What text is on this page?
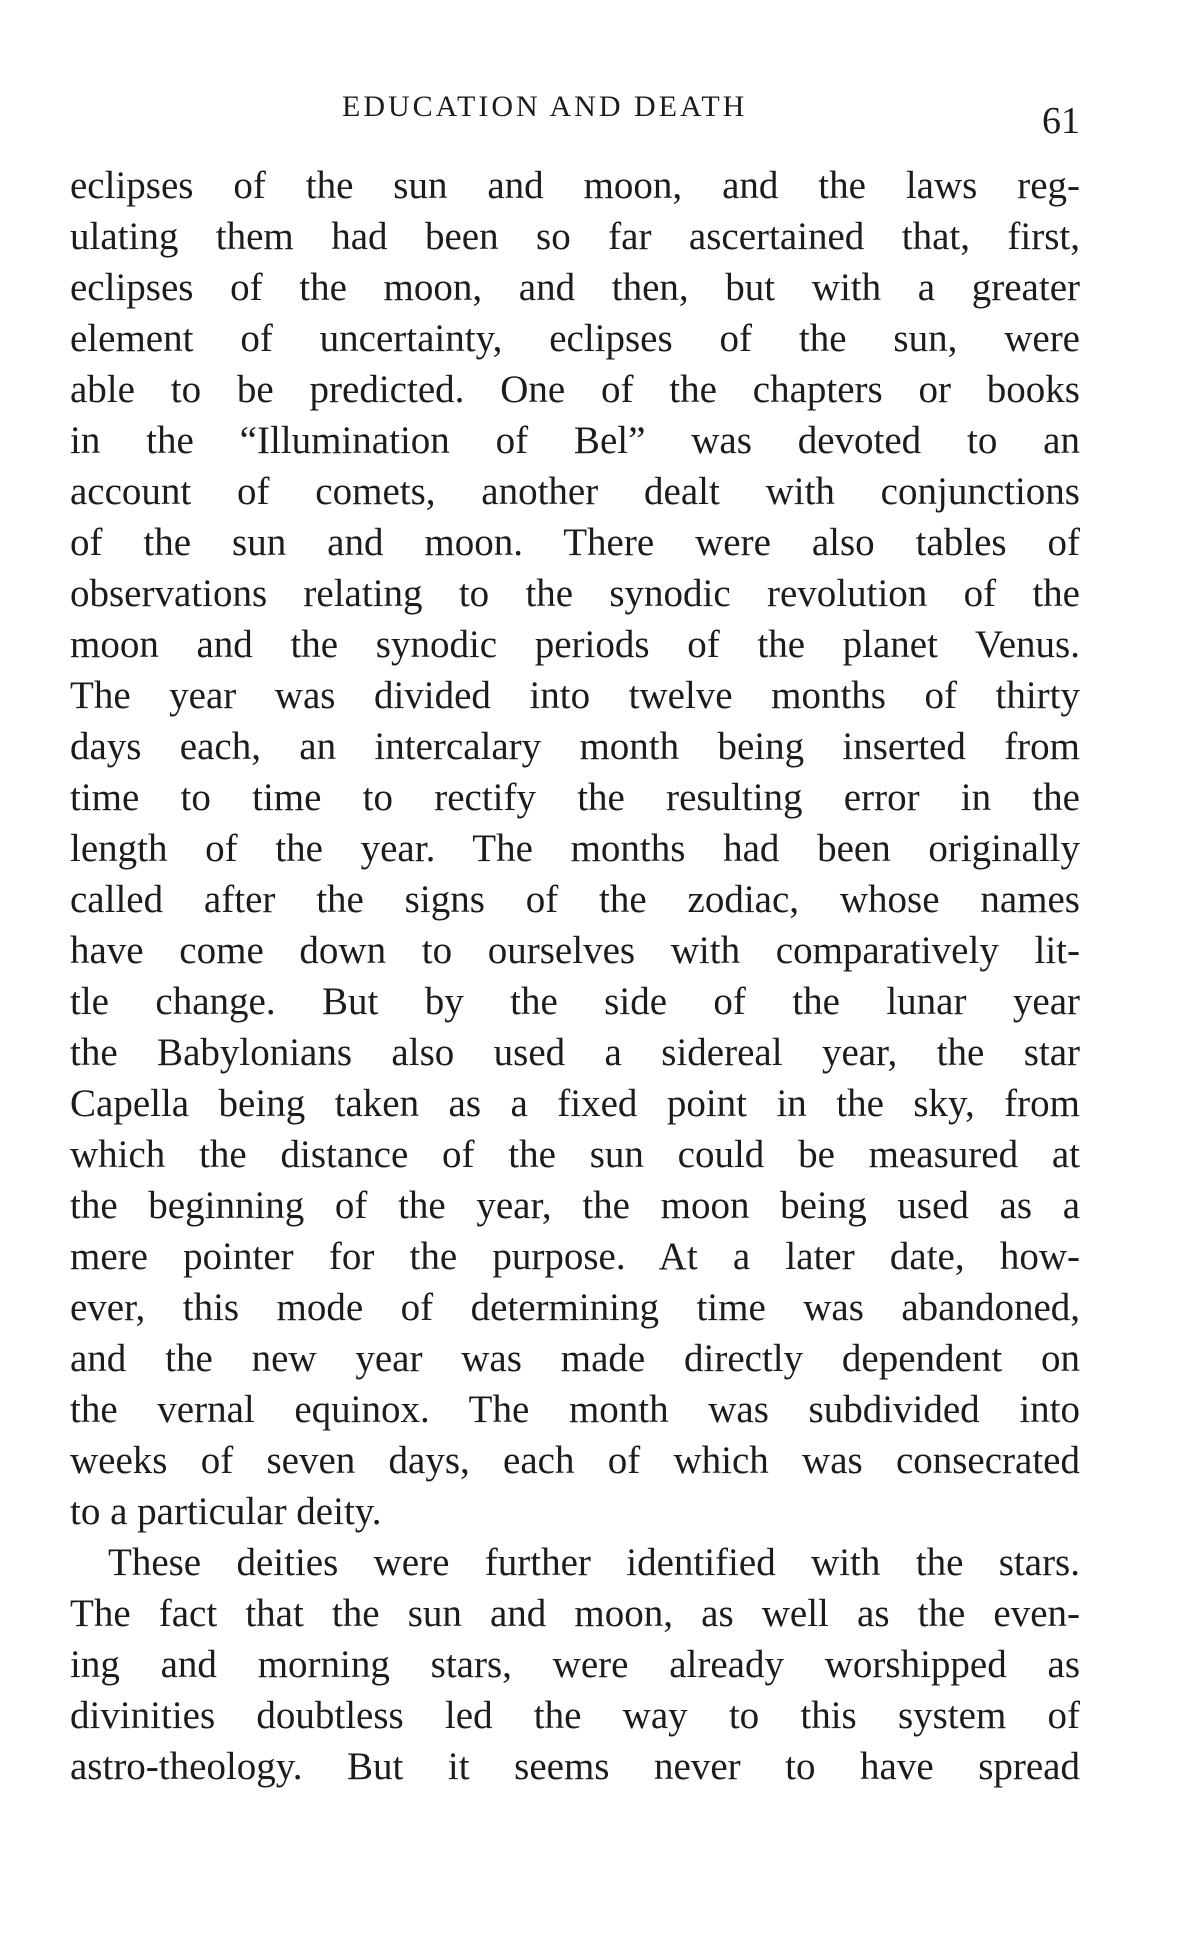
EDUCATION AND DEATH	61
eclipses of the sun and moon, and the laws reg-
ulating them had been so far ascertained that, first,
eclipses of the moon, and then, but with a greater
element of uncertainty, eclipses of the sun, were
able to be predicted. One of the chapters or books
in the “Illumination of Bel” was devoted to an
account of comets, another dealt with conjunctions
of the sun and moon. There were also tables of
observations relating to the synodic revolution of the
moon and the synodic periods of the planet Venus.
The year was divided into twelve months of thirty
days each, an intercalary month being inserted from
time to time to rectify the resulting error in the
length of the year. The months had been originally
called after the signs of the zodiac, whose names
have come down to ourselves with comparatively lit-
tle change. But by the side of the lunar year
the Babylonians also used a sidereal year, the star
Capella being taken as a fixed point in the sky, from
which the distance of the sun could be measured at
the beginning of the year, the moon being used as a
mere pointer for the purpose. At a later date, how-
ever, this mode of determining time was abandoned,
and the new year was made directly dependent on
the vernal equinox. The month was subdivided into
weeks of seven days, each of which was consecrated
to a particular deity.
These deities were further identified with the stars.
The fact that the sun and moon, as well as the even-
ing and morning stars, were already worshipped as
divinities doubtless led the way to this system of
astro-theology. But it seems never to have spread
